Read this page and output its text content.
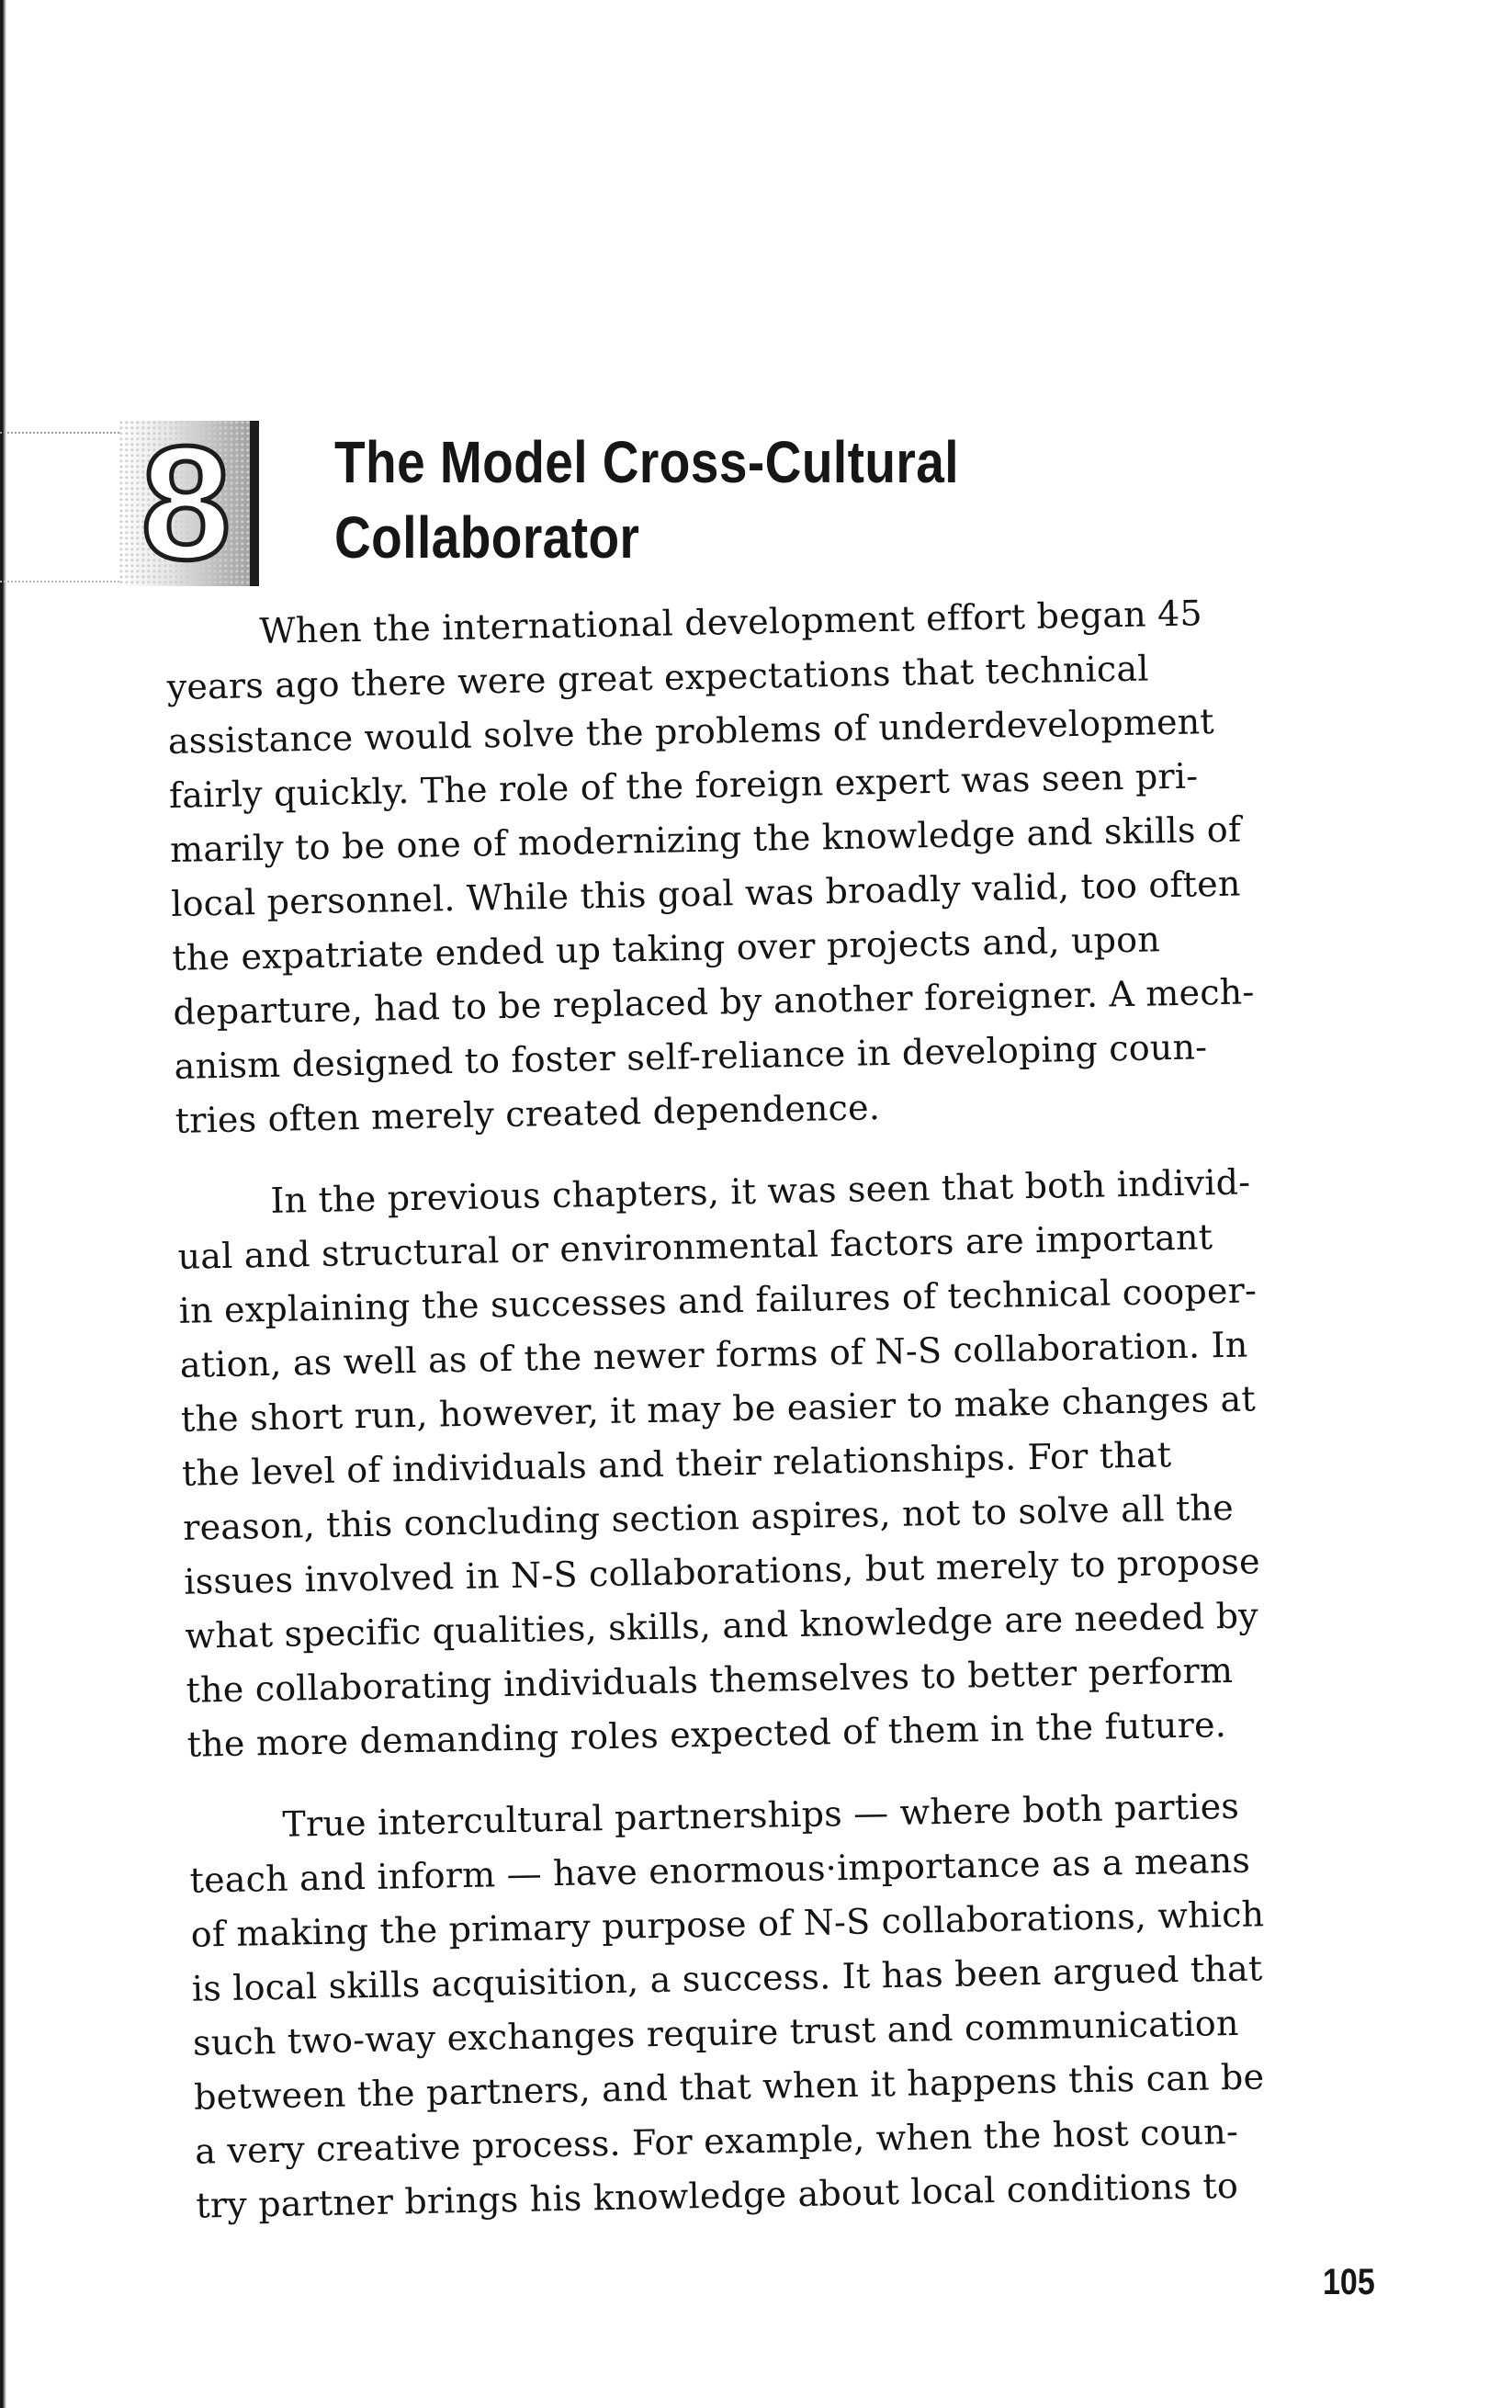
8	The Model Cross-Cultural
Collaborator

When the international development effort began 45
years ago there were great expectations that technical
assistance would solve the problems of underdevelopment
fairly quickly. The role of the foreign expert was seen pri-
marily to be one of modernizing the knowledge and skills of
local personnel. While this goal was broadly valid, too often
the expatriate ended up taking over projects and, upon
departure, had to be replaced by another foreigner. A mech-
anism designed to foster self-reliance in developing coun-
tries often merely created dependence.

In the previous chapters, it was seen that both individ-
ual and structural or environmental factors are important
in explaining the successes and failures of technical cooper-
ation, as well as of the newer forms of N-S collaboration. In
the short run, however, it may be easier to make changes at
the level of individuals and their relationships. For that
reason, this concluding section aspires, not to solve all the
issues involved in N-S collaborations, but merely to propose
what specific qualities, skills, and knowledge are needed by
the collaborating individuals themselves to better perform
the more demanding roles expected of them in the future.

True intercultural partnerships — where both parties
teach and inform — have enormous·importance as a means
of making the primary purpose of N-S collaborations, which
is local skills acquisition, a success. It has been argued that
such two-way exchanges require trust and communication
between the partners, and that when it happens this can be
a very creative process. For example, when the host coun-
try partner brings his knowledge about local conditions to

105
